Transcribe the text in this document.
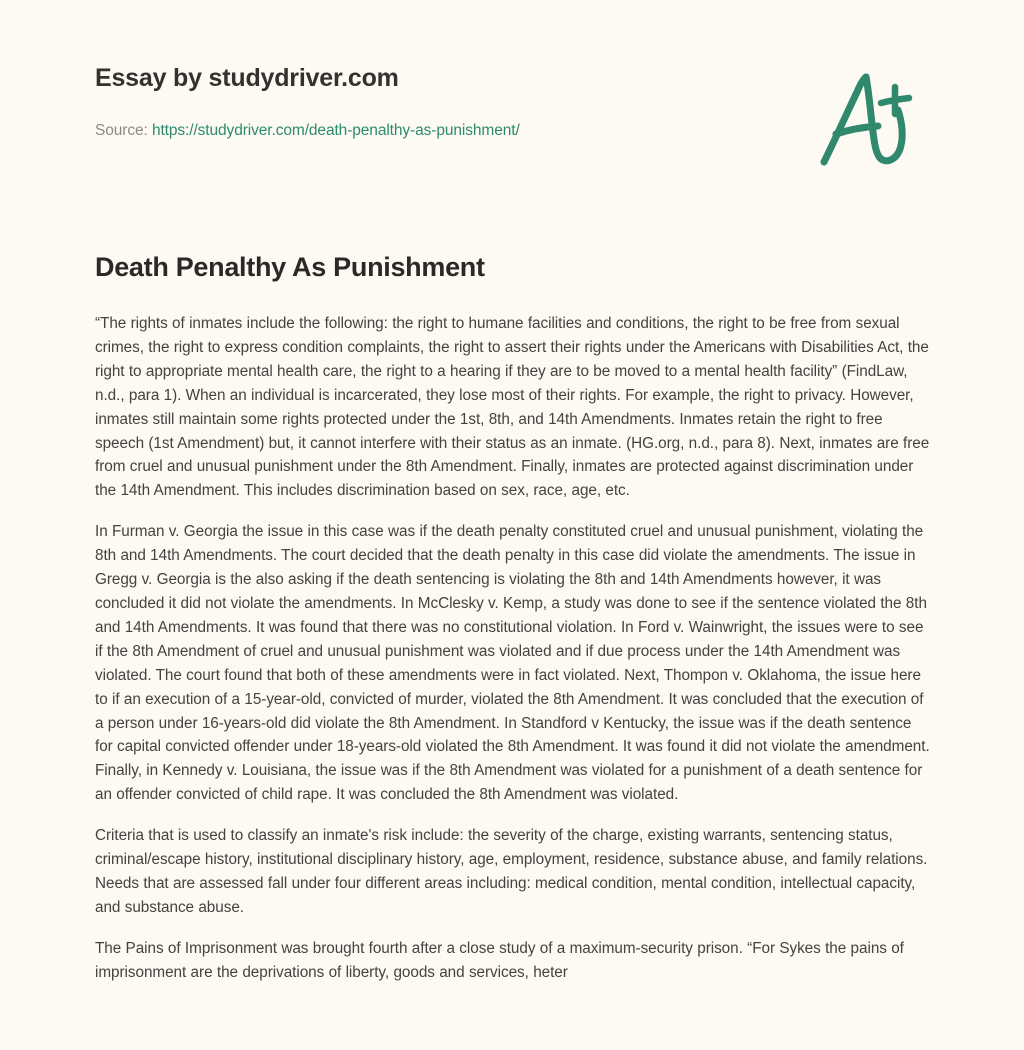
Essay by studydriver.com
Source: https://studydriver.com/death-penalthy-as-punishment/
Death Penalthy As Punishment

“The rights of inmates include the following: the right to humane facilities and conditions, the right to be free from sexual crimes, the right to express condition complaints, the right to assert their rights under the Americans with Disabilities Act, the right to appropriate mental health care, the right to a hearing if they are to be moved to a mental health facility” (FindLaw, n.d., para 1). When an individual is incarcerated, they lose most of their rights. For example, the right to privacy. However, inmates still maintain some rights protected under the 1st, 8th, and 14th Amendments. Inmates retain the right to free speech (1st Amendment) but, it cannot interfere with their status as an inmate. (HG.org, n.d., para 8). Next, inmates are free from cruel and unusual punishment under the 8th Amendment. Finally, inmates are protected against discrimination under the 14th Amendment. This includes discrimination based on sex, race, age, etc.

In Furman v. Georgia the issue in this case was if the death penalty constituted cruel and unusual punishment, violating the 8th and 14th Amendments. The court decided that the death penalty in this case did violate the amendments. The issue in Gregg v. Georgia is the also asking if the death sentencing is violating the 8th and 14th Amendments however, it was concluded it did not violate the amendments. In McClesky v. Kemp, a study was done to see if the sentence violated the 8th and 14th Amendments. It was found that there was no constitutional violation. In Ford v. Wainwright, the issues were to see if the 8th Amendment of cruel and unusual punishment was violated and if due process under the 14th Amendment was violated. The court found that both of these amendments were in fact violated. Next, Thompon v. Oklahoma, the issue here to if an execution of a 15-year-old, convicted of murder, violated the 8th Amendment. It was concluded that the execution of a person under 16-years-old did violate the 8th Amendment. In Standford v Kentucky, the issue was if the death sentence for capital convicted offender under 18-years-old violated the 8th Amendment. It was found it did not violate the amendment. Finally, in Kennedy v. Louisiana, the issue was if the 8th Amendment was violated for a punishment of a death sentence for an offender convicted of child rape. It was concluded the 8th Amendment was violated.

Criteria that is used to classify an inmate's risk include: the severity of the charge, existing warrants, sentencing status, criminal/escape history, institutional disciplinary history, age, employment, residence, substance abuse, and family relations. Needs that are assessed fall under four different areas including: medical condition, mental condition, intellectual capacity, and substance abuse.

The Pains of Imprisonment was brought fourth after a close study of a maximum-security prison. “For Sykes the pains of imprisonment are the deprivations of liberty, goods and services, heter
